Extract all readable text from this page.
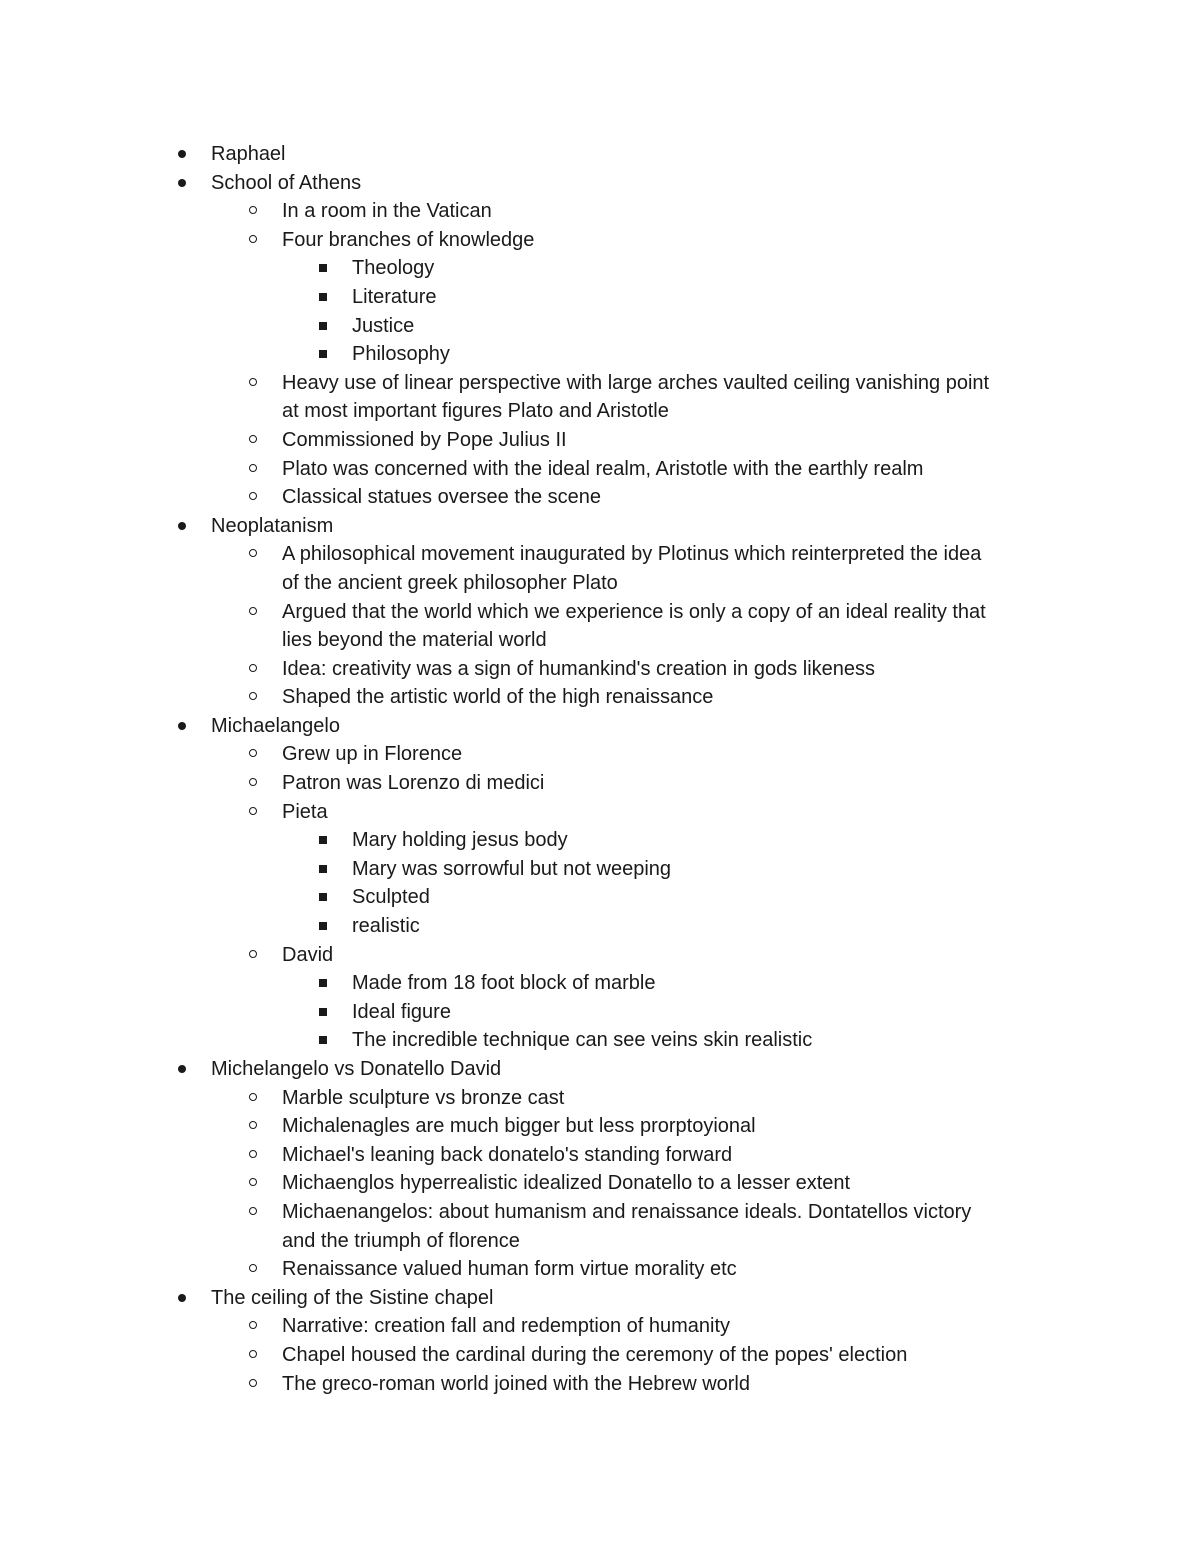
Raphael
School of Athens
In a room in the Vatican
Four branches of knowledge
Theology
Literature
Justice
Philosophy
Heavy use of linear perspective with large arches vaulted ceiling vanishing point
at most important figures Plato and Aristotle
Commissioned by Pope Julius II
Plato was concerned with the ideal realm, Aristotle with the earthly realm
Classical statues oversee the scene
Neoplatanism
A philosophical movement inaugurated by Plotinus which reinterpreted the idea
of the ancient greek philosopher Plato
Argued that the world which we experience is only a copy of an ideal reality that
lies beyond the material world
Idea: creativity was a sign of humankind's creation in gods likeness
Shaped the artistic world of the high renaissance
Michaelangelo
Grew up in Florence
Patron was Lorenzo di medici
Pieta
Mary holding jesus body
Mary was sorrowful but not weeping
Sculpted
realistic
David
Made from 18 foot block of marble
Ideal figure
The incredible technique can see veins skin realistic
Michelangelo vs Donatello David
Marble sculpture vs bronze cast
Michalenagles are much bigger but less prorptoyional
Michael's leaning back donatelo's standing forward
Michaenglos hyperrealistic idealized Donatello to a lesser extent
Michaenangelos: about humanism and renaissance ideals. Dontatellos victory
and the triumph of florence
Renaissance valued human form virtue morality etc
The ceiling of the Sistine chapel
Narrative: creation fall and redemption of humanity
Chapel housed the cardinal during the ceremony of the popes' election
The greco-roman world joined with the Hebrew world
